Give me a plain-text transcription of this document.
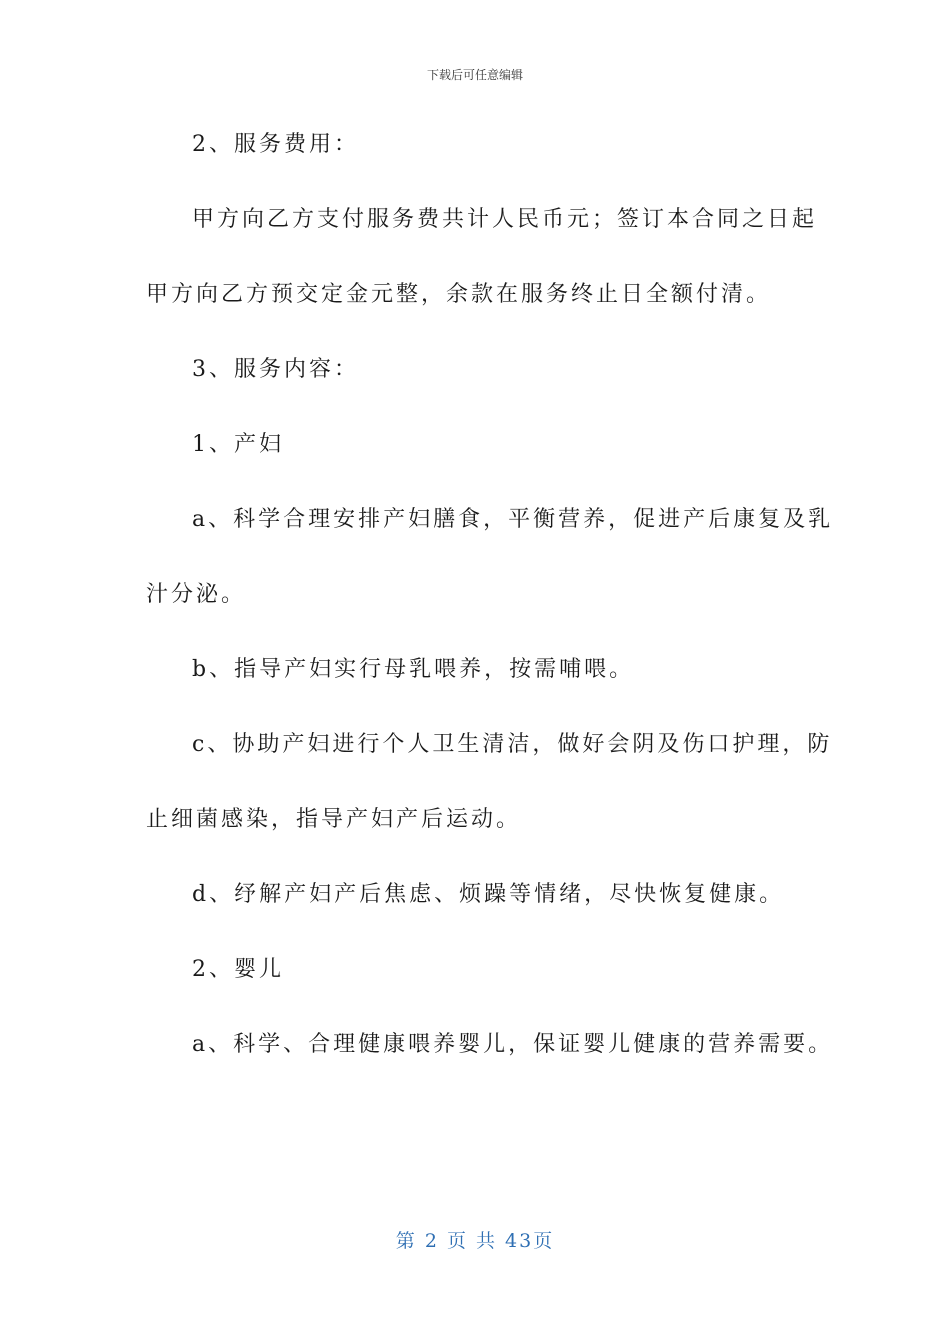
下载后可任意编辑
2、服务费用：
甲方向乙方支付服务费共计人民币元；签订本合同之日起
甲方向乙方预交定金元整，余款在服务终止日全额付清。
3、服务内容：
1、产妇
a、科学合理安排产妇膳食，平衡营养，促进产后康复及乳
汁分泌。
b、指导产妇实行母乳喂养，按需哺喂。
c、协助产妇进行个人卫生清洁，做好会阴及伤口护理，防
止细菌感染，指导产妇产后运动。
d、纾解产妇产后焦虑、烦躁等情绪，尽快恢复健康。
2、婴儿
a、科学、合理健康喂养婴儿，保证婴儿健康的营养需要。
第 2 页 共 43页
